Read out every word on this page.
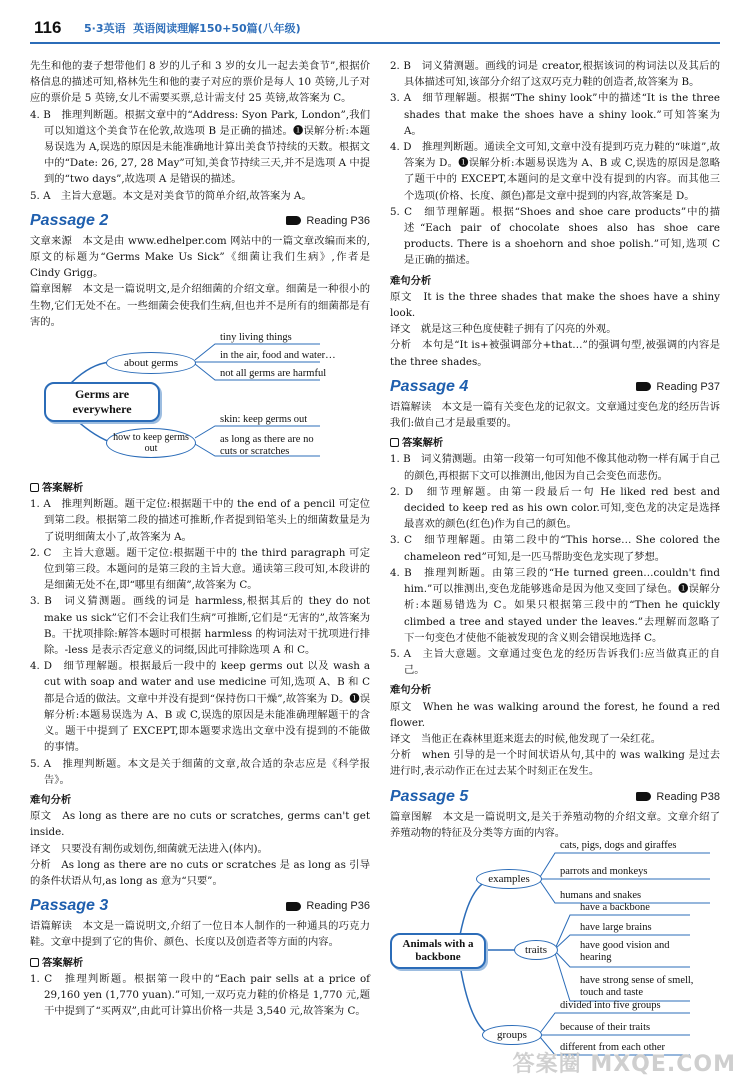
116 5·3英语 英语阅读理解150+50篇(八年级)

先生和他的妻子想带他们 8 岁的儿子和 3 岁的女儿一起去美食节”,根据价格信息的描述可知,格林先生和他的妻子对应的票价是每人 10 英镑,儿子对应的票价是 5 英镑,女儿不需要买票,总计需支付 25 英镑,故答案为 C。

4. B　推理判断题。根据文章中的“Address: Syon Park, London”,我们可以知道这个美食节在伦敦,故选项 B 是正确的描述。❶误解分析:本题易误选为 A,误选的原因是未能准确地计算出美食节持续的天数。根据文中的“Date: 26, 27, 28 May”可知,美食节持续三天,并不是选项 A 中提到的“two days”,故选项 A 是错误的描述。

5. A　主旨大意题。本文是对美食节的简单介绍,故答案为 A。

Passage 2	Reading P36

文章来源　本文是由 www.edhelper.com 网站中的一篇文章改编而来的,原文的标题为“Germs Make Us Sick”《细菌让我们生病》,作者是 Cindy Grigg。

篇章图解　本文是一篇说明文,是介绍细菌的介绍文章。细菌是一种很小的生物,它们无处不在。一些细菌会使我们生病,但也并不是所有的细菌都是有害的。

Germs are everywhere
about germs
how to keep germs out
tiny living things
in the air, food and water…
not all germs are harmful
skin: keep germs out
as long as there are no cuts or scratches
答案解析

1. A　推理判断题。题干定位:根据题干中的 the end of a pencil 可定位到第二段。根据第二段的描述可推断,作者提到铅笔头上的细菌数量是为了说明细菌太小了,故答案为 A。

2. C　主旨大意题。题干定位:根据题干中的 the third paragraph 可定位到第三段。本题问的是第三段的主旨大意。通读第三段可知,本段讲的是细菌无处不在,即“哪里有细菌”,故答案为 C。

3. B　词义猜测题。画线的词是 harmless,根据其后的 they do not make us sick”它们不会让我们生病”可推断,它们是“无害的”,故答案为 B。干扰项排除:解答本题时可根据 harmless 的构词法对干扰项进行排除。-less 是表示否定意义的词缀,因此可排除选项 A 和 C。

4. D　细节理解题。根据最后一段中的 keep germs out 以及 wash a cut with soap and water and use medicine 可知,选项 A、B 和 C 都是合适的做法。文章中并没有提到“保持伤口干燥”,故答案为 D。❶误解分析:本题易误选为 A、B 或 C,误选的原因是未能准确理解题干的含义。题干中提到了 EXCEPT,即本题要求选出文章中没有提到的不能做的事情。

5. A　推理判断题。本文是关于细菌的文章,故合适的杂志应是《科学报告》。

难句分析

原文　As long as there are no cuts or scratches, germs can't get inside.

译文　只要没有割伤或划伤,细菌就无法进入(体内)。

分析　As long as there are no cuts or scratches 是 as long as 引导的条件状语从句,as long as 意为“只要”。

Passage 3	Reading P36

语篇解读　本文是一篇说明文,介绍了一位日本人制作的一种通具的巧克力鞋。文章中提到了它的售价、颜色、长度以及创造者等方面的内容。

答案解析

1. C　推理判断题。根据第一段中的“Each pair sells at a price of 29,160 yen (1,770 yuan).”可知,一双巧克力鞋的价格是 1,770 元,题干中提到了“买两双”,由此可计算出价格一共是 3,540 元,故答案为 C。

2. B　词义猜测题。画线的词是 creator,根据该词的构词法以及其后的具体描述可知,该部分介绍了这双巧克力鞋的创造者,故答案为 B。

3. A　细节理解题。根据“The shiny look”中的描述“It is the three shades that make the shoes have a shiny look.”可知答案为 A。

4. D　推理判断题。通读全文可知,文章中没有提到巧克力鞋的“味道”,故答案为 D。❶误解分析:本题易误选为 A、B 或 C,误选的原因是忽略了题干中的 EXCEPT,本题问的是文章中没有提到的内容。而其他三个选项(价格、长度、颜色)都是文章中提到的内容,故答案是 D。

5. C　细节理解题。根据“Shoes and shoe care products”中的描述“Each pair of chocolate shoes also has shoe care products. There is a shoehorn and shoe polish.”可知,选项 C 是正确的描述。

难句分析

原文　It is the three shades that make the shoes have a shiny look.

译文　就是这三种色度使鞋子拥有了闪亮的外观。

分析　本句是“It is+被强调部分+that…”的强调句型,被强调的内容是 the three shades。

Passage 4	Reading P37

语篇解读　本文是一篇有关变色龙的记叙文。文章通过变色龙的经历告诉我们:做自己才是最重要的。

答案解析

1. B　词义猜测题。由第一段第一句可知他不像其他动物一样有属于自己的颜色,再根据下文可以推测出,他因为自己会变色而悲伤。

2. D　细节理解题。由第一段最后一句 He liked red best and decided to keep red as his own color.可知,变色龙的决定是选择最喜欢的颜色(红色)作为自己的颜色。

3. C　细节理解题。由第二段中的“This horse… She colored the chameleon red”可知,是一匹马帮助变色龙实现了梦想。

4. B　推理判断题。由第三段的“He turned green…couldn't find him.”可以推测出,变色龙能够逃命是因为他又变回了绿色。❶误解分析:本题易错选为 C。如果只根据第三段中的“Then he quickly climbed a tree and stayed under the leaves.”去理解而忽略了下一句变色才使他不能被发现的含义则会错误地选择 C。

5. A　主旨大意题。文章通过变色龙的经历告诉我们:应当做真正的自己。

难句分析

原文　When he was walking around the forest, he found a red flower.

译文　当他正在森林里逛来逛去的时候,他发现了一朵红花。

分析　when 引导的是一个时间状语从句,其中的 was walking 是过去进行时,表示动作正在过去某个时刻正在发生。

Passage 5	Reading P38

篇章图解　本文是一篇说明文,是关于养殖动物的介绍文章。文章介绍了养殖动物的特征及分类等方面的内容。

Animals with a backbone
examples
traits
groups
cats, pigs, dogs and giraffes
parrots and monkeys
humans and snakes
have a backbone
have large brains
have good vision and hearing
have strong sense of smell, touch and taste
divided into five groups
because of their traits
different from each other
答案圈 MXQE.COM
